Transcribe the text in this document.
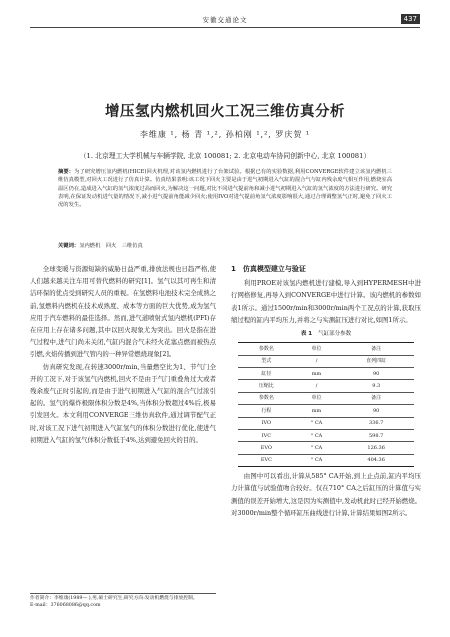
安徽交通论文	437
增压氢内燃机回火工况三维仿真分析
李维康 ¹, 杨 青 ¹,², 孙柏刚 ¹,², 罗庆贺 ¹
（1. 北京理工大学机械与车辆学院, 北京 100081; 2. 北京电动车协同创新中心, 北京 100081）
摘要：为了研究增压氢内燃机(HICE)回火机理,对该氢内燃机进行了台架试验。根据已有的实验数据,利用CONVERGE软件建立该氢内燃机三维仿真模型,对回火工况进行了仿真计算。仿真结果表明:该工况下回火主要是由于进气初期进入气缸的混合气与缸内残余废气相互作用,燃烧室高温区仍在,造成进入气缸的氢气浓度过高而回火,为解决这一问题,对比不同进气提前角和减小进气初期进入气缸的氢气浓度的方法进行研究。研究表明,在保证发动机进气量的情况下,减小进气提前角能减少回火;使用IVO对进气提前角氢气浓度影响很大,通过合理调整氢气正时,避免了回火工况的发生。
关键词：氢内燃机　回火　三维仿真

全球变暖与资源短缺的威胁日益严重,排放法规也日趋严格,使人们越来越关注车用可替代燃料的研究[1]。氢气以其可再生和清洁环保的优点受到研究人员的重视。在氢燃料电池技术完全成熟之前,氢燃料内燃机在技术成熟度、成本等方面的巨大优势,成为氢气应用于汽车燃料的最佳选择。然而,进气道喷射式氢内燃机(PFI)存在应用上存在诸多问题,其中以回火现象尤为突出。回火是指在进气过程中,进气门尚未关闭,气缸内混合气未经火花塞点燃而被热点引燃,火焰传播到进气管内的一种异常燃烧现象[2]。

仿真研究发现,在转速3000r/min,当量燃空比为1、节气门全开的工况下,对于该氢气内燃机,回火不是由于气门重叠角过大或者残余废气正时引起的,而是由于进气初期进入气缸的混合气过浓引起的。氢气的爆炸极限体积分数是4%,当体积分数超过4%后,极易引发回火。本文利用CONVERGE三维仿真软件,通过调节配气正时,对该工况下进气初期进入气缸氢气的体积分数进行优化,使进气初期进入气缸的氢气体积分数低于4%,达到避免回火的目的。

1　仿真模型建立与验证

利用PROE对该氢内燃机进行建模,导入到HYPERMESH中进行网格修复,再导入到CONVERGE中进行计算。该内燃机的参数如表1所示。通过1500r/min和3000r/min两个工况点的计算,获取压缩过程的缸内平均压力,并将之与实测缸压进行对比,如图1所示。

表 1 气缸部分参数
参数名	单位	备注
型式	/	直列四缸
缸径	mm	90
压缩比	/	9.3
参数名	单位	备注
行程	mm	90
IVO	° CA	336.7
IVC	° CA	598.7
EVO	° CA	126.36
EVC	° CA	404.36

由图中可以看出,计算从585° CA开始,到上止点前,缸内平均压力计算值与试验值吻合较好。仅在710° CA之后缸压的计算值与实测值的误差开始增大,这是因为实测值中,发动机此时已经开始燃烧。对3000r/min整个循环缸压曲线进行计算,计算结果如图2所示。

作者简介：李维康(1989— ),男,硕士研究生,研究方向:发动机燃烧与排放控制。
E-mail：376068086@qq.com
